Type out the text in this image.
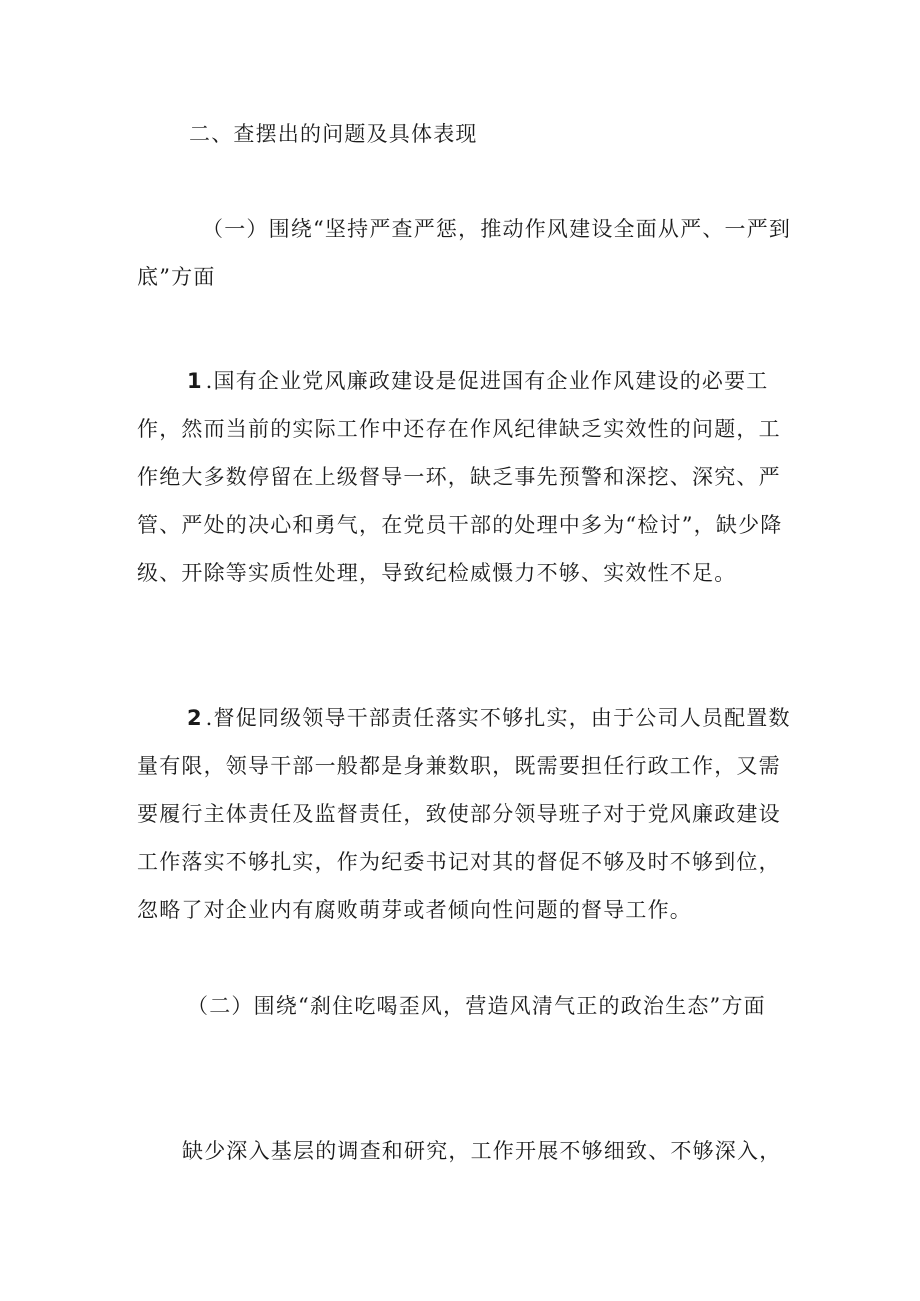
二、查摆出的问题及具体表现

（一）围绕“坚持严查严惩，推动作风建设全面从严、一严到底”方面

1 .国有企业党风廉政建设是促进国有企业作风建设的必要工作，然而当前的实际工作中还存在作风纪律缺乏实效性的问题，工作绝大多数停留在上级督导一环，缺乏事先预警和深挖、深究、严管、严处的决心和勇气，在党员干部的处理中多为“检讨”，缺少降级、开除等实质性处理，导致纪检威慑力不够、实效性不足。

2 .督促同级领导干部责任落实不够扎实，由于公司人员配置数量有限，领导干部一般都是身兼数职，既需要担任行政工作，又需要履行主体责任及监督责任，致使部分领导班子对于党风廉政建设工作落实不够扎实，作为纪委书记对其的督促不够及时不够到位，忽略了对企业内有腐败萌芽或者倾向性问题的督导工作。

（二）围绕“刹住吃喝歪风，营造风清气正的政治生态”方面

缺少深入基层的调查和研究，工作开展不够细致、不够深入，
